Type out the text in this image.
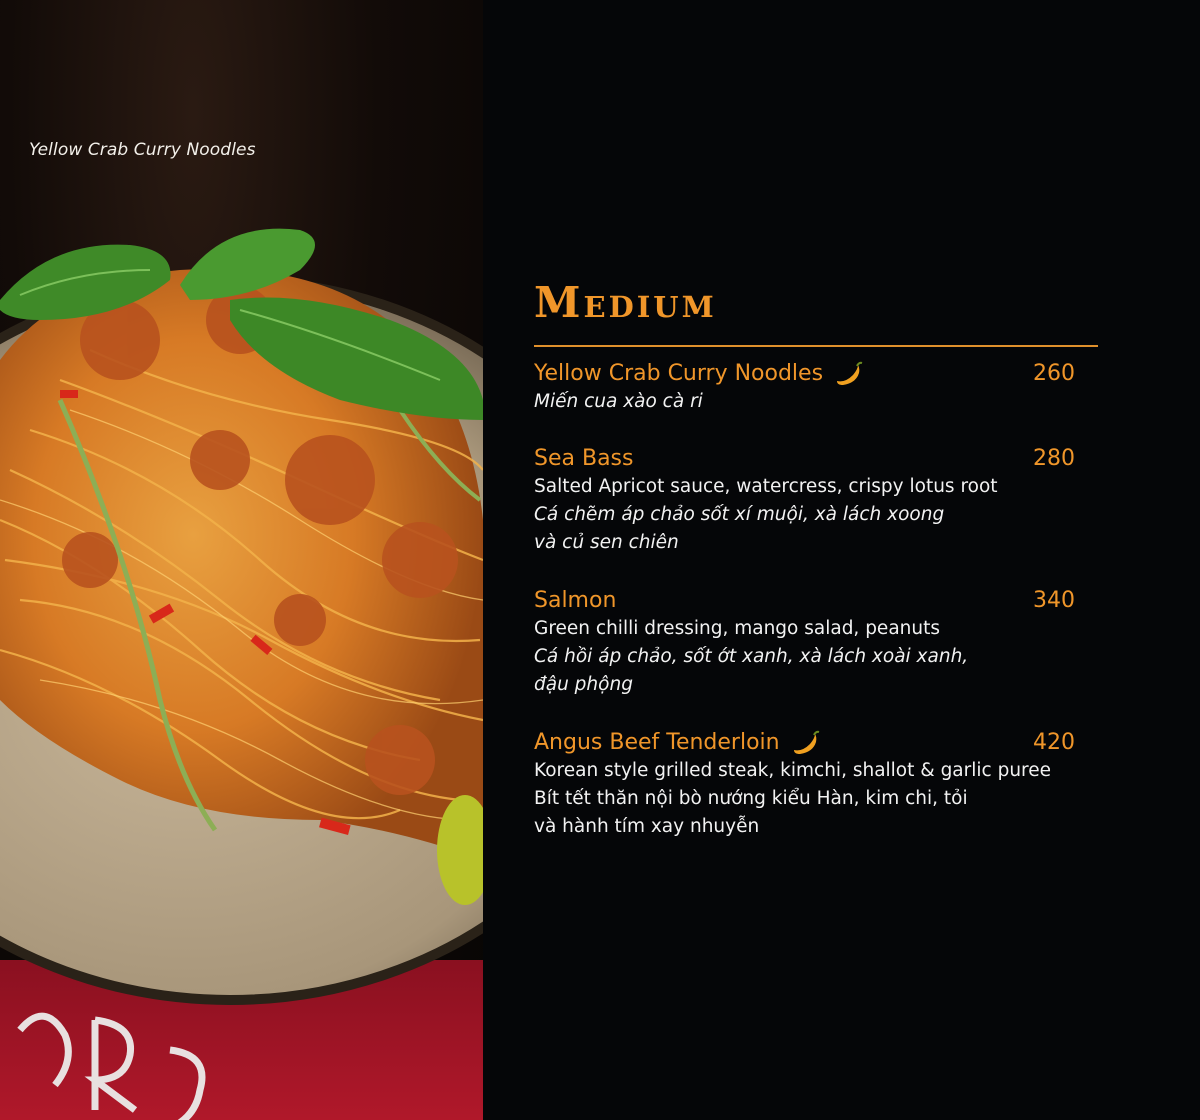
Yellow Crab Curry Noodles
Medium
Yellow Crab Curry Noodles	260

Miến cua xào cà ri

Sea Bass	280

Salted Apricot sauce, watercress, crispy lotus root

Cá chẽm áp chảo sốt xí muội, xà lách xoong

và củ sen chiên

Salmon	340

Green chilli dressing, mango salad, peanuts

Cá hồi áp chảo, sốt ớt xanh, xà lách xoài xanh,

đậu phộng

Angus Beef Tenderloin	420

Korean style grilled steak, kimchi, shallot & garlic puree

Bít tết thăn nội bò nướng kiểu Hàn, kim chi, tỏi

và hành tím xay nhuyễn
